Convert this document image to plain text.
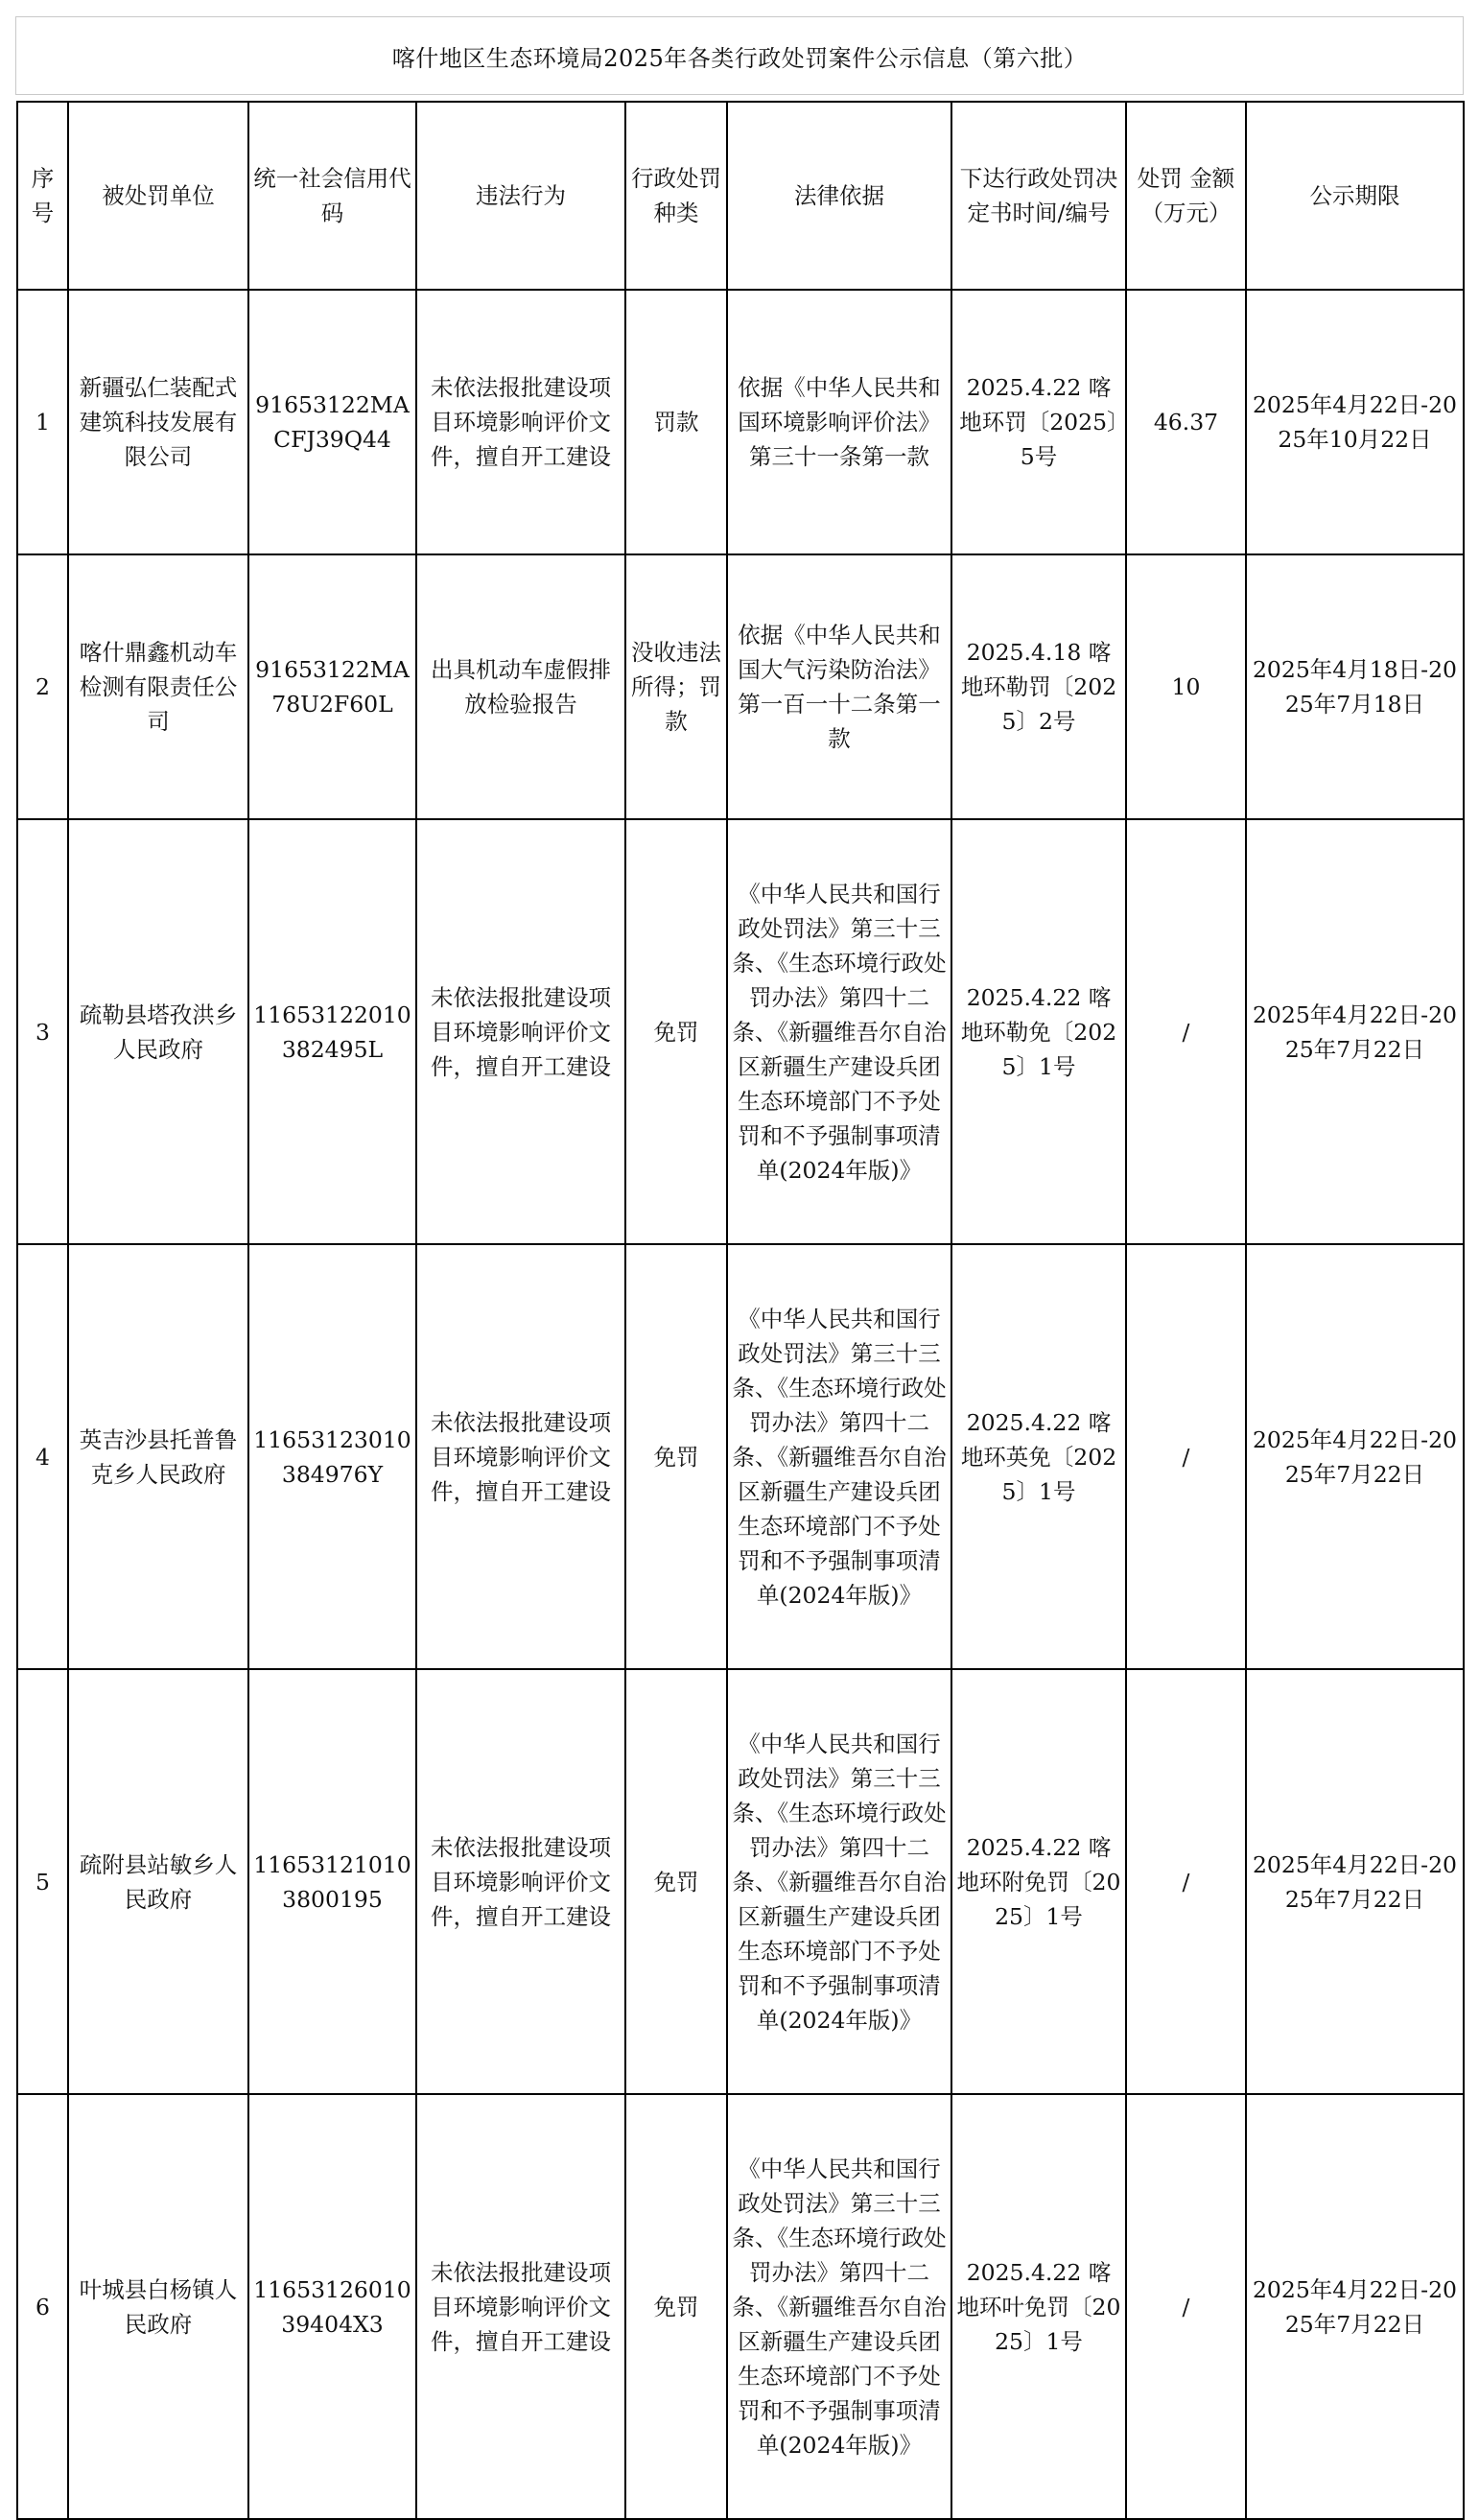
喀什地区生态环境局2025年各类行政处罚案件公示信息（第六批）
序号	被处罚单位	统一社会信用代码	违法行为	行政处罚种类	法律依据	下达行政处罚决定书时间/编号	处罚 金额 （万元）	公示期限
1	新疆弘仁装配式建筑科技发展有限公司	91653122MACFJ39Q44	未依法报批建设项目环境影响评价文件，擅自开工建设	罚款	依据《中华人民共和国环境影响评价法》第三十一条第一款	2025.4.22 喀地环罚〔2025〕5号	46.37	2025年4月22日-2025年10月22日
2	喀什鼎鑫机动车检测有限责任公司	91653122MA78U2F60L	出具机动车虚假排放检验报告	没收违法所得；罚款	依据《中华人民共和国大气污染防治法》第一百一十二条第一款	2025.4.18 喀地环勒罚〔2025〕2号	10	2025年4月18日-2025年7月18日
3	疏勒县塔孜洪乡人民政府	11653122010382495L	未依法报批建设项目环境影响评价文件，擅自开工建设	免罚	《中华人民共和国行政处罚法》第三十三条、《生态环境行政处罚办法》第四十二条、《新疆维吾尔自治区新疆生产建设兵团生态环境部门不予处罚和不予强制事项清单(2024年版)》	2025.4.22 喀地环勒免〔2025〕1号	/	2025年4月22日-2025年7月22日
4	英吉沙县托普鲁克乡人民政府	11653123010384976Y	未依法报批建设项目环境影响评价文件，擅自开工建设	免罚	《中华人民共和国行政处罚法》第三十三条、《生态环境行政处罚办法》第四十二条、《新疆维吾尔自治区新疆生产建设兵团生态环境部门不予处罚和不予强制事项清单(2024年版)》	2025.4.22 喀地环英免〔2025〕1号	/	2025年4月22日-2025年7月22日
5	疏附县站敏乡人民政府	116531210103800195	未依法报批建设项目环境影响评价文件，擅自开工建设	免罚	《中华人民共和国行政处罚法》第三十三条、《生态环境行政处罚办法》第四十二条、《新疆维吾尔自治区新疆生产建设兵团生态环境部门不予处罚和不予强制事项清单(2024年版)》	2025.4.22 喀地环附免罚〔2025〕1号	/	2025年4月22日-2025年7月22日
6	叶城县白杨镇人民政府	1165312601039404X3	未依法报批建设项目环境影响评价文件，擅自开工建设	免罚	《中华人民共和国行政处罚法》第三十三条、《生态环境行政处罚办法》第四十二条、《新疆维吾尔自治区新疆生产建设兵团生态环境部门不予处罚和不予强制事项清单(2024年版)》	2025.4.22 喀地环叶免罚〔2025〕1号	/	2025年4月22日-2025年7月22日
